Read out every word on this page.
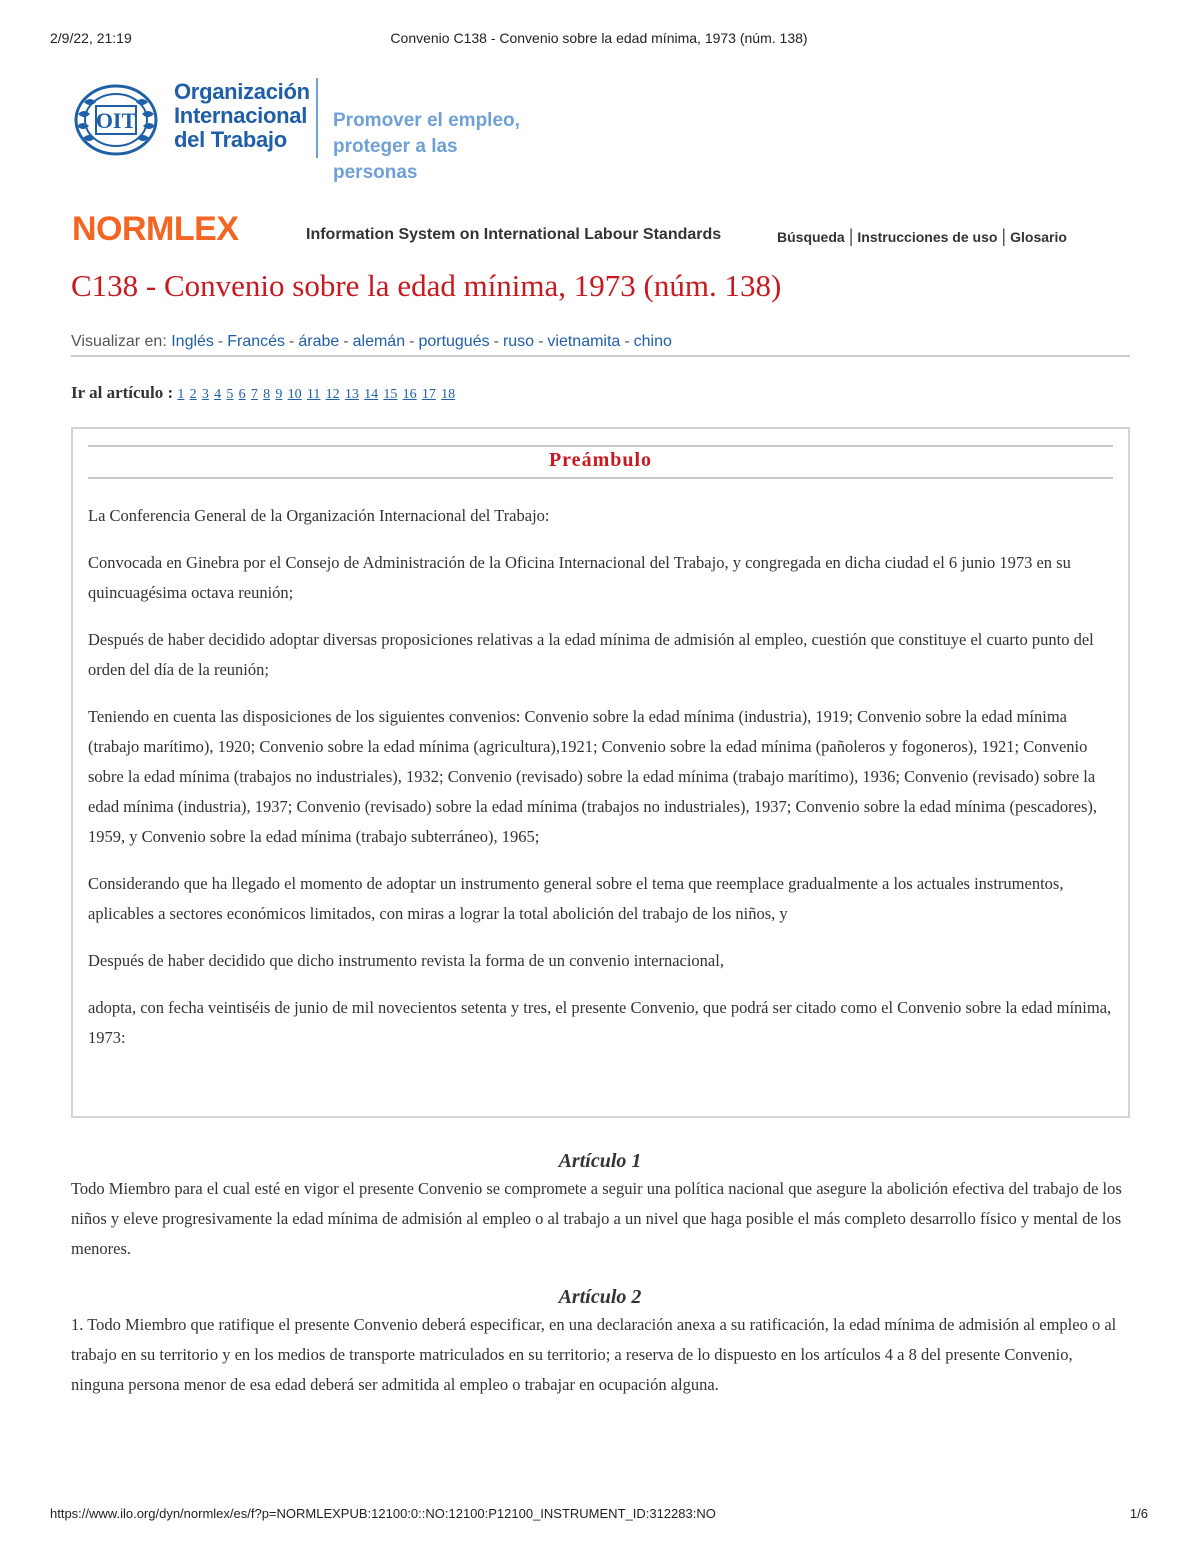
2/9/22, 21:19	Convenio C138 - Convenio sobre la edad mínima, 1973 (núm. 138)
OIT
Organización
Internacional
del Trabajo
Promover el empleo,
proteger a las personas
NORMLEX	Information System on International Labour Standards	Búsqueda | Instrucciones de uso | Glosario
C138 - Convenio sobre la edad mínima, 1973 (núm. 138)
Visualizar en: Inglés - Francés - árabe - alemán - portugués - ruso - vietnamita - chino
Ir al artículo : 1 2 3 4 5 6 7 8 9 10 11 12 13 14 15 16 17 18
Preámbulo

La Conferencia General de la Organización Internacional del Trabajo:

Convocada en Ginebra por el Consejo de Administración de la Oficina Internacional del Trabajo, y congregada en dicha ciudad el 6 junio 1973 en su quincuagésima octava reunión;

Después de haber decidido adoptar diversas proposiciones relativas a la edad mínima de admisión al empleo, cuestión que constituye el cuarto punto del orden del día de la reunión;

Teniendo en cuenta las disposiciones de los siguientes convenios: Convenio sobre la edad mínima (industria), 1919; Convenio sobre la edad mínima (trabajo marítimo), 1920; Convenio sobre la edad mínima (agricultura),1921; Convenio sobre la edad mínima (pañoleros y fogoneros), 1921; Convenio sobre la edad mínima (trabajos no industriales), 1932; Convenio (revisado) sobre la edad mínima (trabajo marítimo), 1936; Convenio (revisado) sobre la edad mínima (industria), 1937; Convenio (revisado) sobre la edad mínima (trabajos no industriales), 1937; Convenio sobre la edad mínima (pescadores), 1959, y Convenio sobre la edad mínima (trabajo subterráneo), 1965;

Considerando que ha llegado el momento de adoptar un instrumento general sobre el tema que reemplace gradualmente a los actuales instrumentos, aplicables a sectores económicos limitados, con miras a lograr la total abolición del trabajo de los niños, y

Después de haber decidido que dicho instrumento revista la forma de un convenio internacional,

adopta, con fecha veintiséis de junio de mil novecientos setenta y tres, el presente Convenio, que podrá ser citado como el Convenio sobre la edad mínima, 1973:

Artículo 1

Todo Miembro para el cual esté en vigor el presente Convenio se compromete a seguir una política nacional que asegure la abolición efectiva del trabajo de los niños y eleve progresivamente la edad mínima de admisión al empleo o al trabajo a un nivel que haga posible el más completo desarrollo físico y mental de los menores.

Artículo 2

1. Todo Miembro que ratifique el presente Convenio deberá especificar, en una declaración anexa a su ratificación, la edad mínima de admisión al empleo o al trabajo en su territorio y en los medios de transporte matriculados en su territorio; a reserva de lo dispuesto en los artículos 4 a 8 del presente Convenio, ninguna persona menor de esa edad deberá ser admitida al empleo o trabajar en ocupación alguna.

https://www.ilo.org/dyn/normlex/es/f?p=NORMLEXPUB:12100:0::NO:12100:P12100_INSTRUMENT_ID:312283:NO	1/6
